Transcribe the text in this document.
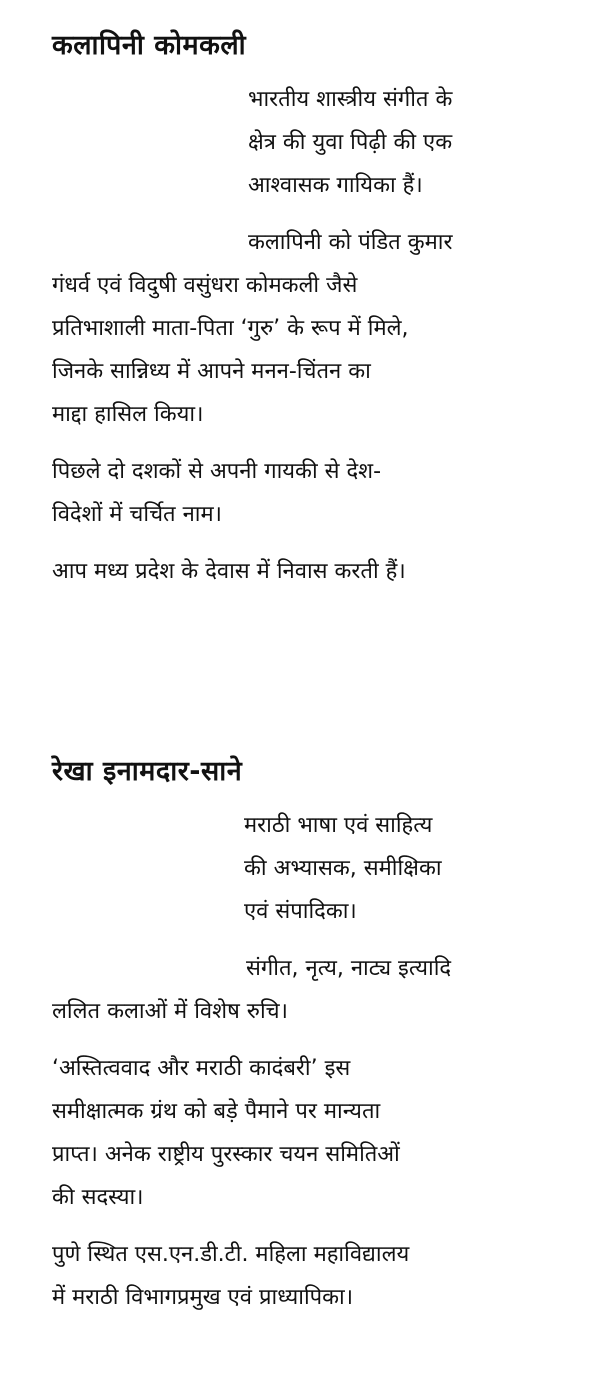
कलापिनी कोमकली

भारतीय शास्त्रीय संगीत के
क्षेत्र की युवा पिढ़ी की एक
आश्वासक गायिका हैं।

कलापिनी को पंडित कुमार
गंधर्व एवं विदुषी वसुंधरा कोमकली जैसे
प्रतिभाशाली माता-पिता ‘गुरु’ के रूप में मिले,
जिनके सान्निध्य में आपने मनन-चिंतन का
माद्दा हासिल किया।

पिछले दो दशकों से अपनी गायकी से देश-
विदेशों में चर्चित नाम।

आप मध्य प्रदेश के देवास में निवास करती हैं।

रेखा इनामदार-साने

मराठी भाषा एवं साहित्य
की अभ्यासक, समीक्षिका
एवं संपादिका।

संगीत, नृत्य, नाट्य इत्यादि
ललित कलाओं में विशेष रुचि।

‘अस्तित्ववाद और मराठी कादंबरी’ इस
समीक्षात्मक ग्रंथ को बड़े पैमाने पर मान्यता
प्राप्त। अनेक राष्ट्रीय पुरस्कार चयन समितिओं
की सदस्या।

पुणे स्थित एस.एन.डी.टी. महिला महाविद्यालय
में मराठी विभागप्रमुख एवं प्राध्यापिका।
